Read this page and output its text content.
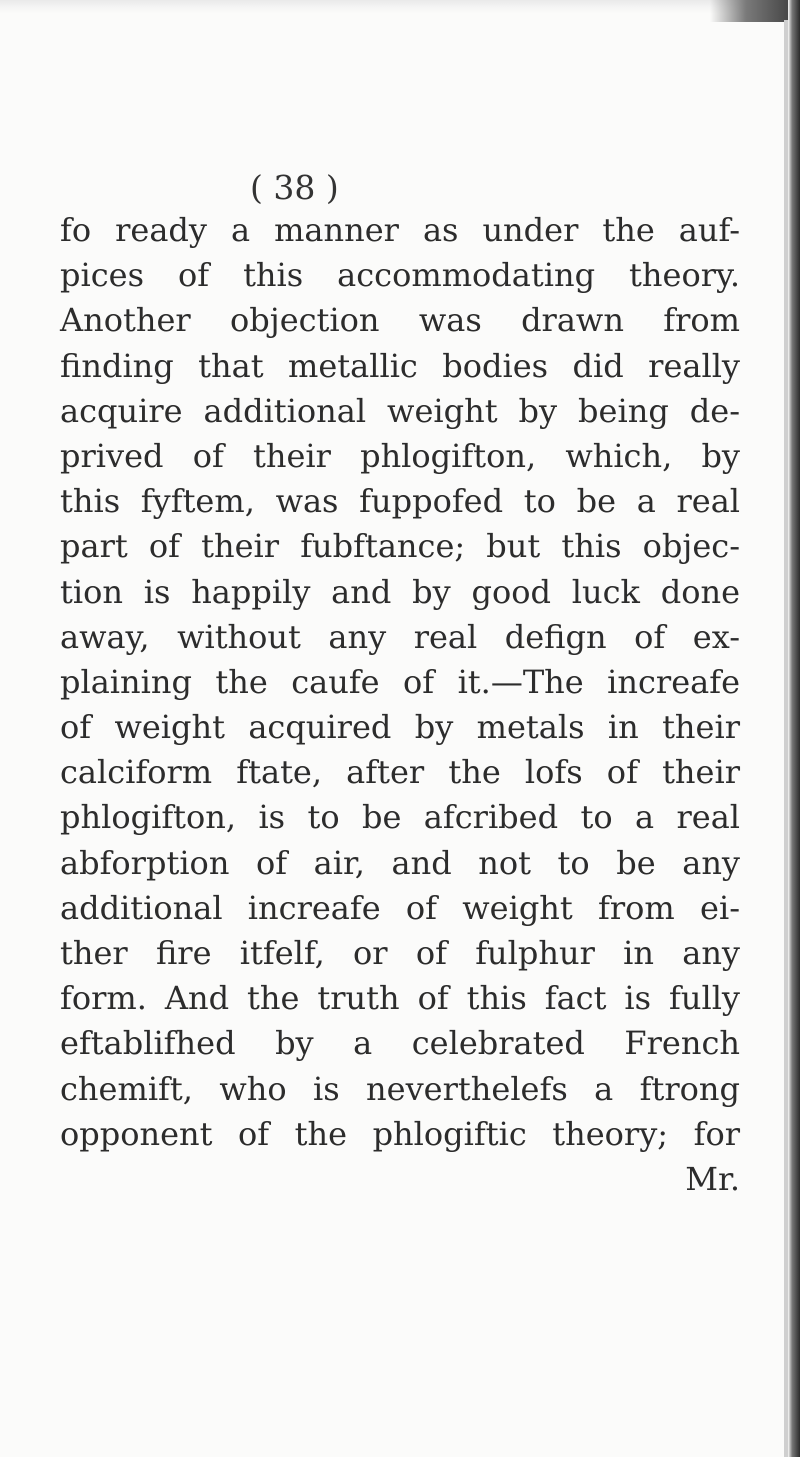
( 38 )
fo ready a manner as under the auf-
pices of this accommodating theory.
Another objection was drawn from
finding that metallic bodies did really
acquire additional weight by being de-
prived of their phlogifton, which, by
this fyftem, was fuppofed to be a real
part of their fubftance; but this objec-
tion is happily and by good luck done
away, without any real defign of ex-
plaining the caufe of it.—The increafe
of weight acquired by metals in their
calciform ftate, after the lofs of their
phlogifton, is to be afcribed to a real
abforption of air, and not to be any
additional increafe of weight from ei-
ther fire itfelf, or of fulphur in any
form. And the truth of this fact is fully
eftablifhed by a celebrated French
chemift, who is neverthelefs a ftrong
opponent of the phlogiftic theory; for
Mr.
